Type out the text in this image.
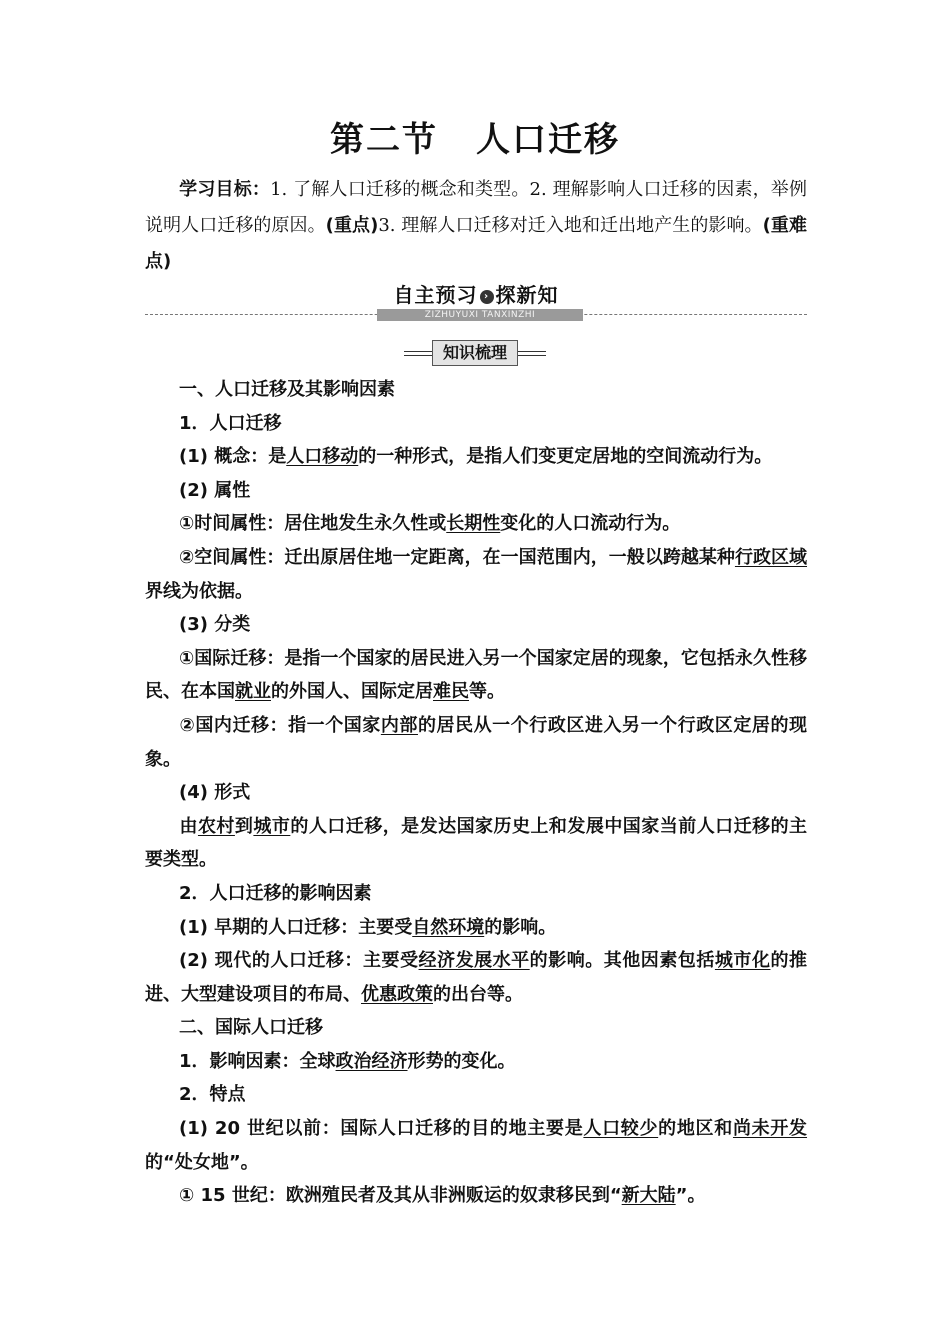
第二节 人口迁移
学习目标：1. 了解人口迁移的概念和类型。2. 理解影响人口迁移的因素，举例说明人口迁移的原因。(重点)3. 理解人口迁移对迁入地和迁出地产生的影响。(重难点)
自主预习 › 探新知
ZIZHUYUXI TANXINZHI
知识梳理

一、人口迁移及其影响因素

1．人口迁移

(1) 概念：是人口移动的一种形式，是指人们变更定居地的空间流动行为。

(2) 属性

①时间属性：居住地发生永久性或长期性变化的人口流动行为。

②空间属性：迁出原居住地一定距离，在一国范围内，一般以跨越某种行政区域界线为依据。

(3) 分类

①国际迁移：是指一个国家的居民进入另一个国家定居的现象，它包括永久性移民、在本国就业的外国人、国际定居难民等。

②国内迁移：指一个国家内部的居民从一个行政区进入另一个行政区定居的现象。

(4) 形式

由农村到城市的人口迁移，是发达国家历史上和发展中国家当前人口迁移的主要类型。

2．人口迁移的影响因素

(1) 早期的人口迁移：主要受自然环境的影响。

(2) 现代的人口迁移：主要受经济发展水平的影响。其他因素包括城市化的推进、大型建设项目的布局、优惠政策的出台等。

二、国际人口迁移

1．影响因素：全球政治经济形势的变化。

2．特点

(1) 20 世纪以前：国际人口迁移的目的地主要是人口较少的地区和尚未开发的“处女地”。

① 15 世纪：欧洲殖民者及其从非洲贩运的奴隶移民到“新大陆”。
